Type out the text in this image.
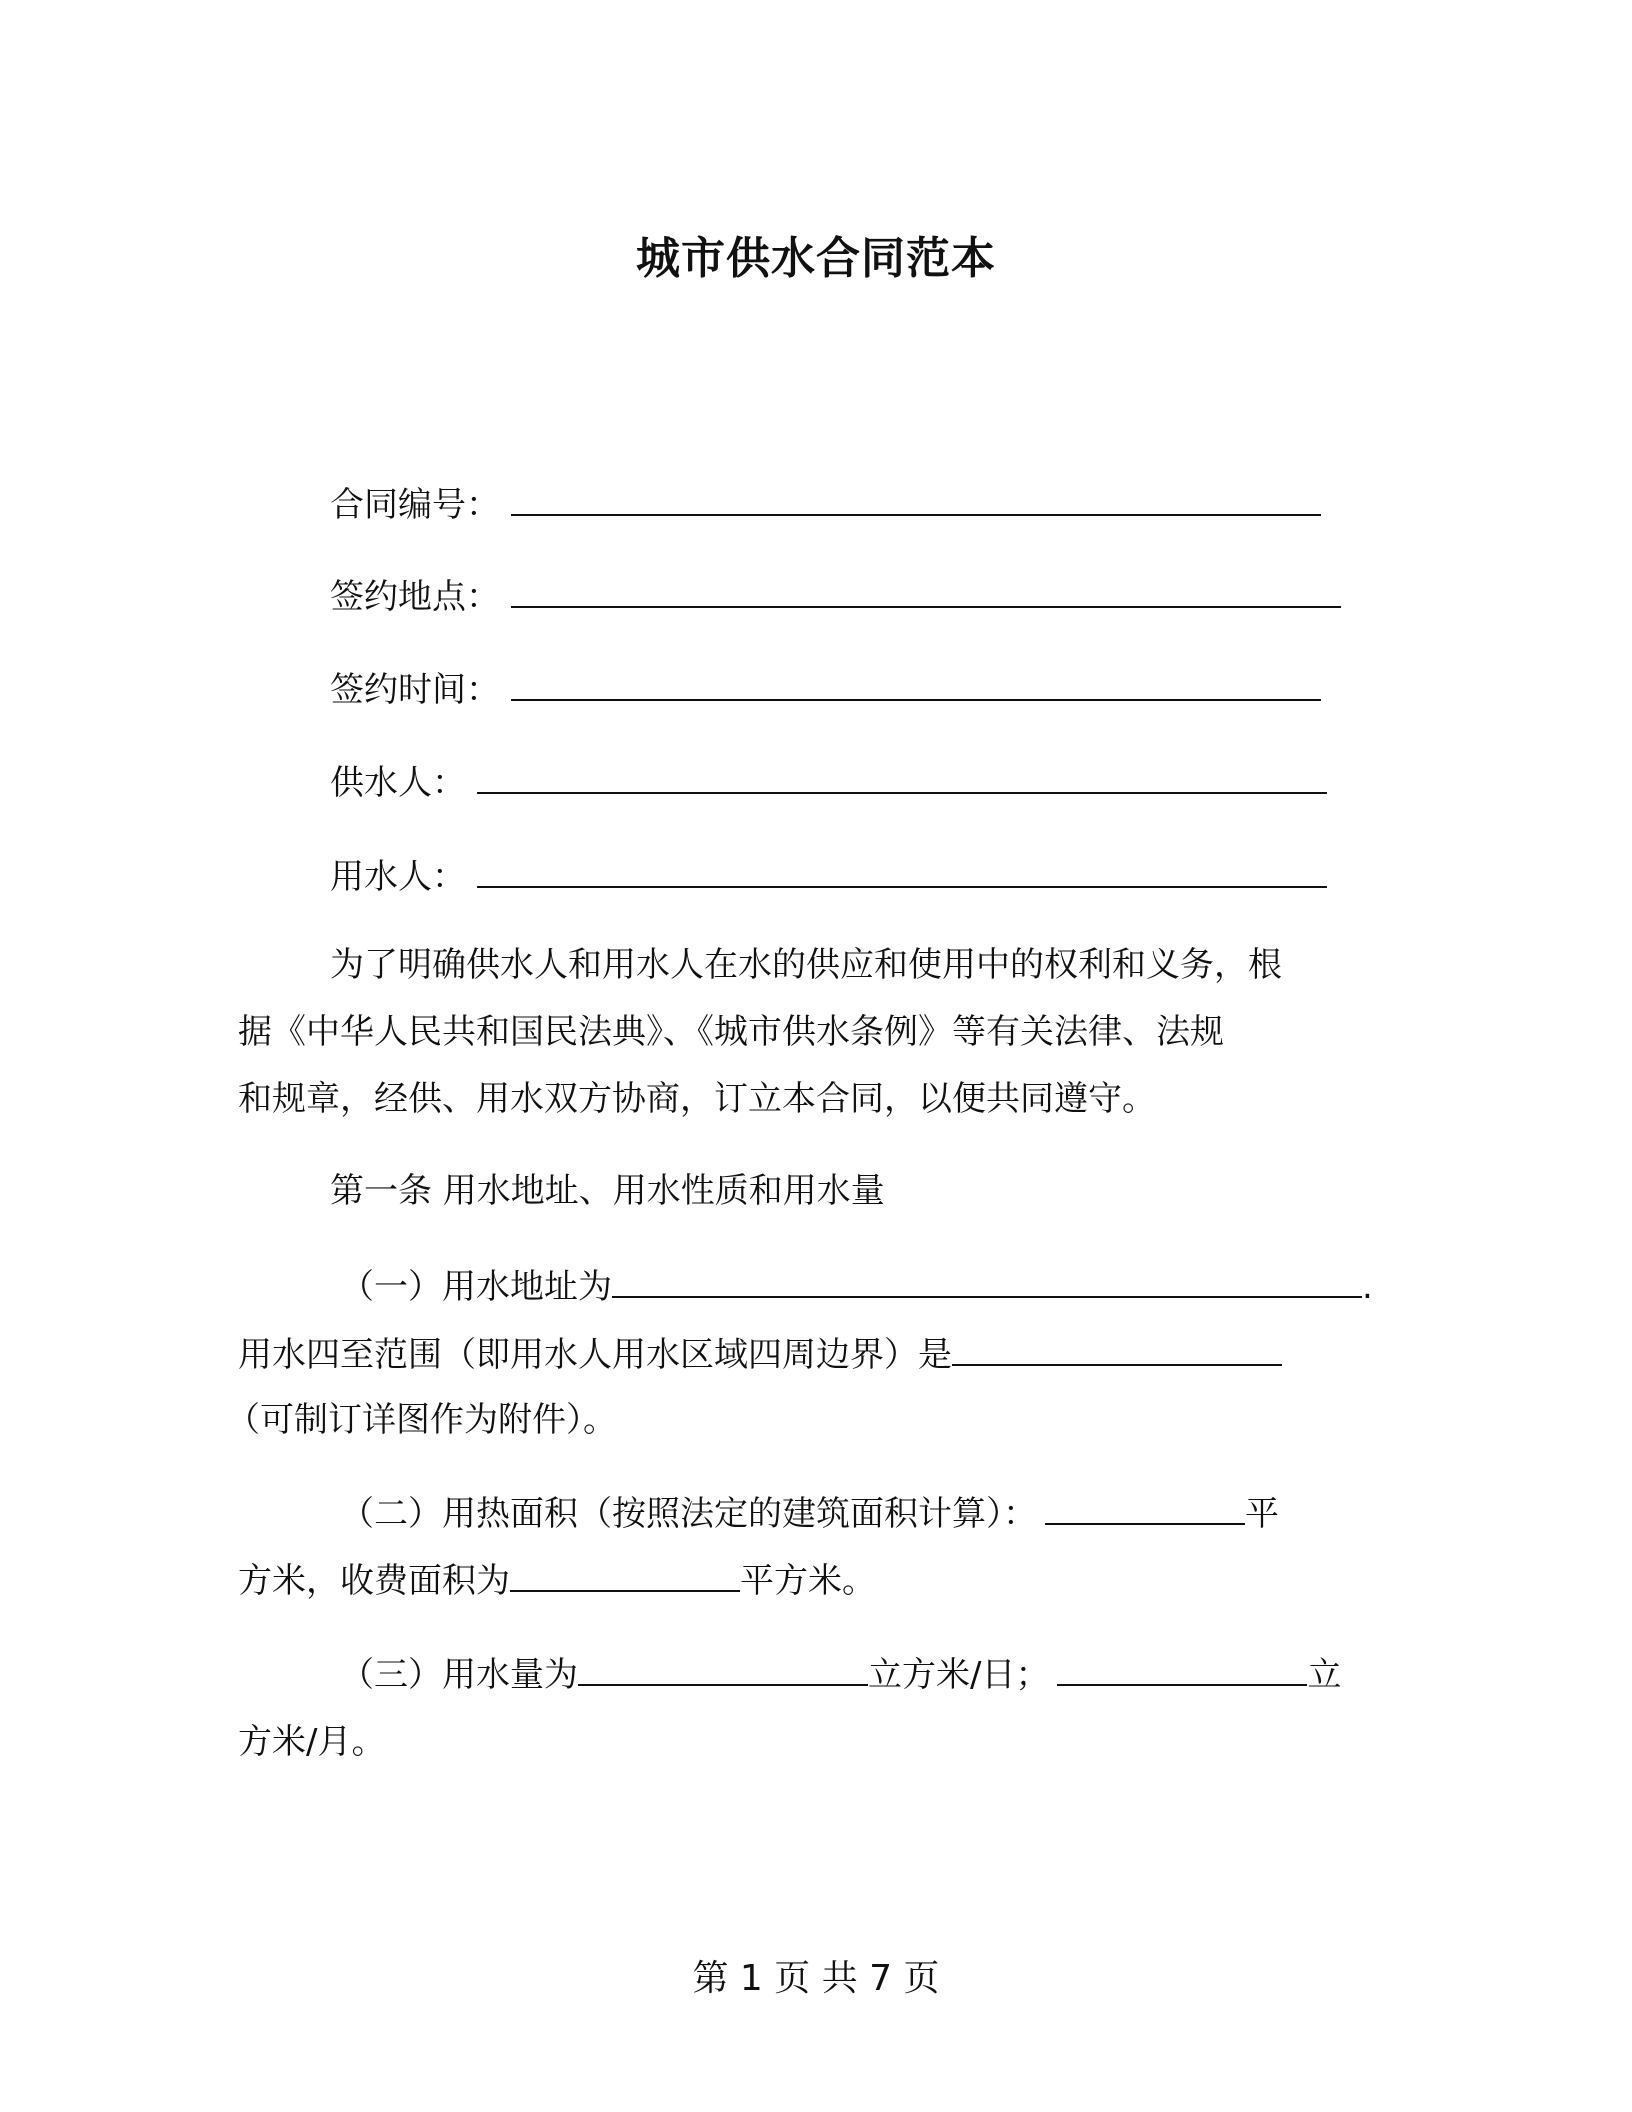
城市供水合同范本
合同编号：
签约地点：
签约时间：
供水人：
用水人：
为了明确供水人和用水人在水的供应和使用中的权利和义务，根
据《中华人民共和国民法典》、《城市供水条例》等有关法律、法规
和规章，经供、用水双方协商，订立本合同，以便共同遵守。
第一条 用水地址、用水性质和用水量
（一）用水地址为	.
用水四至范围（即用水人用水区域四周边界）是
（可制订详图作为附件）。
（二）用热面积（按照法定的建筑面积计算）：	平
方米，收费面积为	平方米。
（三）用水量为	立方米/日；	立
方米/月。
第 1 页 共 7 页
